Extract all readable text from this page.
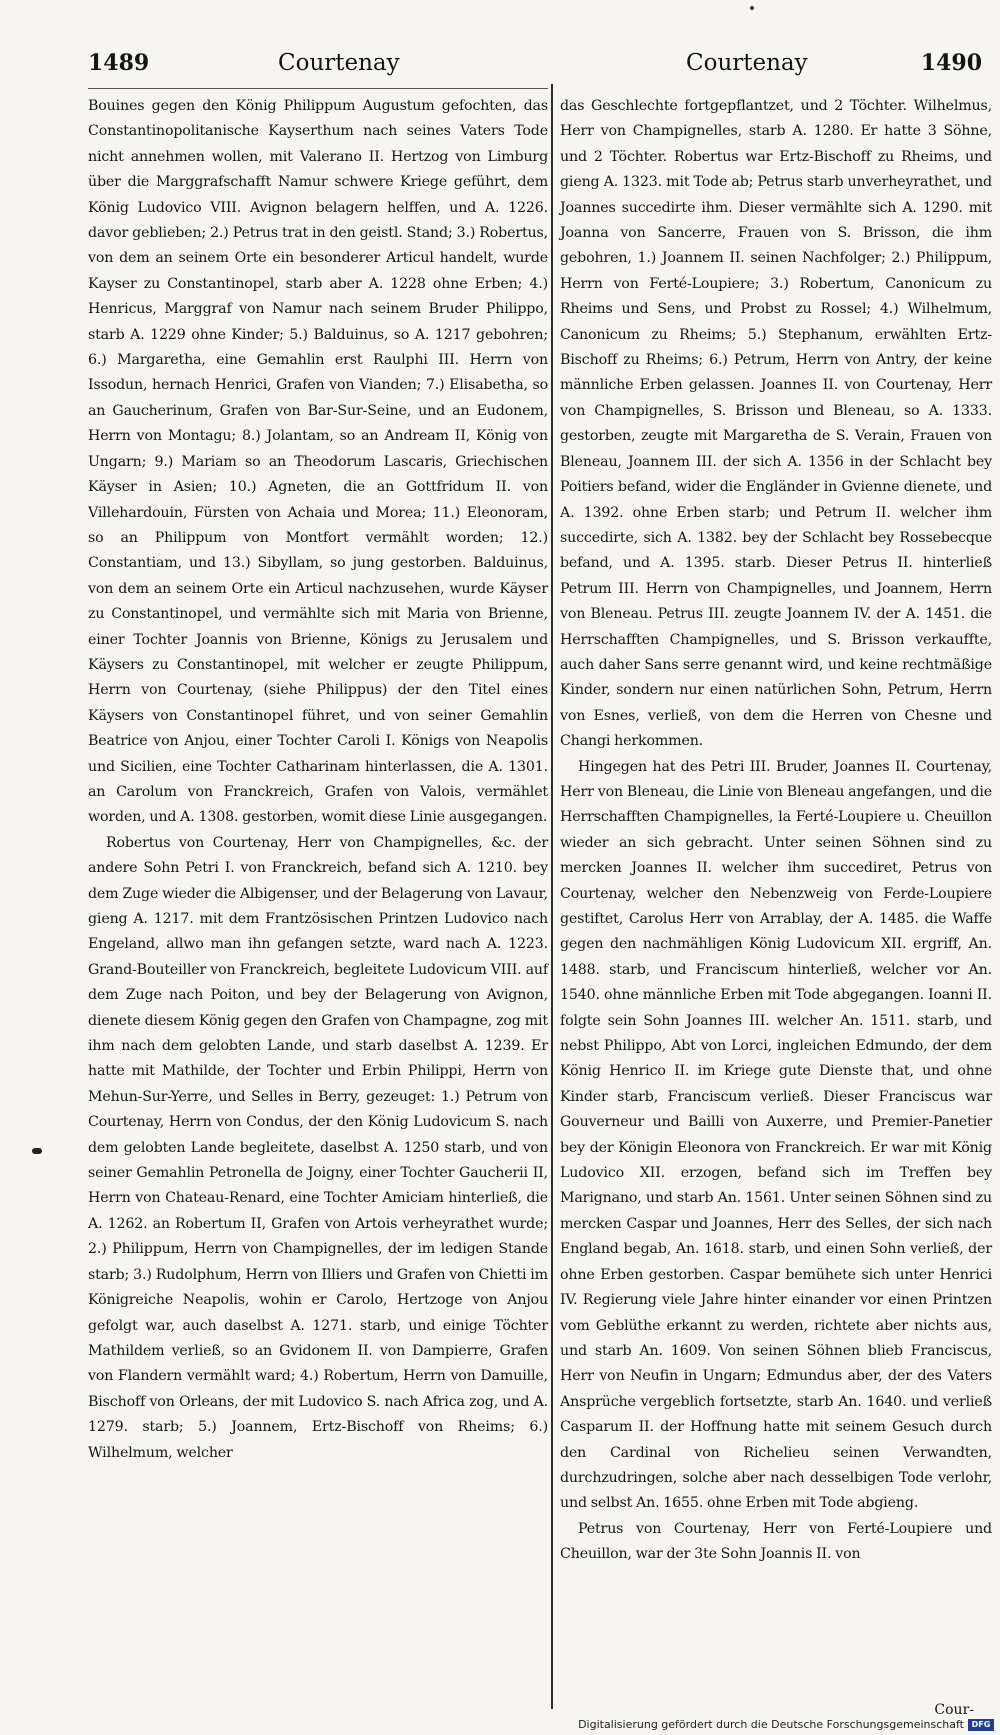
1489	Courtenay	Courtenay	1490

Bouines gegen den König Philippum Augustum gefochten, das Constantinopolitanische Kayserthum nach seines Vaters Tode nicht annehmen wollen, mit Valerano II. Hertzog von Limburg über die Marggrafschafft Namur schwere Kriege geführt, dem König Ludovico VIII. Avignon belagern helffen, und A. 1226. davor geblieben; 2.) Petrus trat in den geistl. Stand; 3.) Robertus, von dem an seinem Orte ein besonderer Articul handelt, wurde Kayser zu Constantinopel, starb aber A. 1228 ohne Erben; 4.) Henricus, Marggraf von Namur nach seinem Bruder Philippo, starb A. 1229 ohne Kinder; 5.) Balduinus, so A. 1217 gebohren; 6.) Margaretha, eine Gemahlin erst Raulphi III. Herrn von Issodun, hernach Henrici, Grafen von Vianden; 7.) Elisabetha, so an Gaucherinum, Grafen von Bar-Sur-Seine, und an Eudonem, Herrn von Montagu; 8.) Jolantam, so an Andream II, König von Ungarn; 9.) Mariam so an Theodorum Lascaris, Griechischen Käyser in Asien; 10.) Agneten, die an Gottfridum II. von Villehardouin, Fürsten von Achaia und Morea; 11.) Eleonoram, so an Philippum von Montfort vermählt worden; 12.) Constantiam, und 13.) Sibyllam, so jung gestorben. Balduinus, von dem an seinem Orte ein Articul nachzusehen, wurde Käyser zu Constantinopel, und vermählte sich mit Maria von Brienne, einer Tochter Joannis von Brienne, Königs zu Jerusalem und Käysers zu Constantinopel, mit welcher er zeugte Philippum, Herrn von Courtenay, (siehe Philippus) der den Titel eines Käysers von Constantinopel führet, und von seiner Gemahlin Beatrice von Anjou, einer Tochter Caroli I. Königs von Neapolis und Sicilien, eine Tochter Catharinam hinterlassen, die A. 1301. an Carolum von Franckreich, Grafen von Valois, vermählet worden, und A. 1308. gestorben, womit diese Linie ausgegangen.

Robertus von Courtenay, Herr von Champignelles, &c. der andere Sohn Petri I. von Franckreich, befand sich A. 1210. bey dem Zuge wieder die Albigenser, und der Belagerung von Lavaur, gieng A. 1217. mit dem Frantzösischen Printzen Ludovico nach Engeland, allwo man ihn gefangen setzte, ward nach A. 1223. Grand-Bouteiller von Franckreich, begleitete Ludovicum VIII. auf dem Zuge nach Poiton, und bey der Belagerung von Avignon, dienete diesem König gegen den Grafen von Champagne, zog mit ihm nach dem gelobten Lande, und starb daselbst A. 1239. Er hatte mit Mathilde, der Tochter und Erbin Philippi, Herrn von Mehun-Sur-Yerre, und Selles in Berry, gezeuget: 1.) Petrum von Courtenay, Herrn von Condus, der den König Ludovicum S. nach dem gelobten Lande begleitete, daselbst A. 1250 starb, und von seiner Gemahlin Petronella de Joigny, einer Tochter Gaucherii II, Herrn von Chateau-Renard, eine Tochter Amiciam hinterließ, die A. 1262. an Robertum II, Grafen von Artois verheyrathet wurde; 2.) Philippum, Herrn von Champignelles, der im ledigen Stande starb; 3.) Rudolphum, Herrn von Illiers und Grafen von Chietti im Königreiche Neapolis, wohin er Carolo, Hertzoge von Anjou gefolgt war, auch daselbst A. 1271. starb, und einige Töchter Mathildem verließ, so an Gvidonem II. von Dampierre, Grafen von Flandern vermählt ward; 4.) Robertum, Herrn von Damuille, Bischoff von Orleans, der mit Ludovico S. nach Africa zog, und A. 1279. starb; 5.) Joannem, Ertz-Bischoff von Rheims; 6.) Wilhelmum, welcher

das Geschlechte fortgepflantzet, und 2 Töchter. Wilhelmus, Herr von Champignelles, starb A. 1280. Er hatte 3 Söhne, und 2 Töchter. Robertus war Ertz-Bischoff zu Rheims, und gieng A. 1323. mit Tode ab; Petrus starb unverheyrathet, und Joannes succedirte ihm. Dieser vermählte sich A. 1290. mit Joanna von Sancerre, Frauen von S. Brisson, die ihm gebohren, 1.) Joannem II. seinen Nachfolger; 2.) Philippum, Herrn von Ferté-Loupiere; 3.) Robertum, Canonicum zu Rheims und Sens, und Probst zu Rossel; 4.) Wilhelmum, Canonicum zu Rheims; 5.) Stephanum, erwählten Ertz-Bischoff zu Rheims; 6.) Petrum, Herrn von Antry, der keine männliche Erben gelassen. Joannes II. von Courtenay, Herr von Champignelles, S. Brisson und Bleneau, so A. 1333. gestorben, zeugte mit Margaretha de S. Verain, Frauen von Bleneau, Joannem III. der sich A. 1356 in der Schlacht bey Poitiers befand, wider die Engländer in Gvienne dienete, und A. 1392. ohne Erben starb; und Petrum II. welcher ihm succedirte, sich A. 1382. bey der Schlacht bey Rossebecque befand, und A. 1395. starb. Dieser Petrus II. hinterließ Petrum III. Herrn von Champignelles, und Joannem, Herrn von Bleneau. Petrus III. zeugte Joannem IV. der A. 1451. die Herrschafften Champignelles, und S. Brisson verkauffte, auch daher Sans serre genannt wird, und keine rechtmäßige Kinder, sondern nur einen natürlichen Sohn, Petrum, Herrn von Esnes, verließ, von dem die Herren von Chesne und Changi herkommen.

Hingegen hat des Petri III. Bruder, Joannes II. Courtenay, Herr von Bleneau, die Linie von Bleneau angefangen, und die Herrschafften Champignelles, la Ferté-Loupiere u. Cheuillon wieder an sich gebracht. Unter seinen Söhnen sind zu mercken Joannes II. welcher ihm succediret, Petrus von Courtenay, welcher den Nebenzweig von Ferde-Loupiere gestiftet, Carolus Herr von Arrablay, der A. 1485. die Waffe gegen den nachmähligen König Ludovicum XII. ergriff, An. 1488. starb, und Franciscum hinterließ, welcher vor An. 1540. ohne männliche Erben mit Tode abgegangen. Ioanni II. folgte sein Sohn Joannes III. welcher An. 1511. starb, und nebst Philippo, Abt von Lorci, ingleichen Edmundo, der dem König Henrico II. im Kriege gute Dienste that, und ohne Kinder starb, Franciscum verließ. Dieser Franciscus war Gouverneur und Bailli von Auxerre, und Premier-Panetier bey der Königin Eleonora von Franckreich. Er war mit König Ludovico XII. erzogen, befand sich im Treffen bey Marignano, und starb An. 1561. Unter seinen Söhnen sind zu mercken Caspar und Joannes, Herr des Selles, der sich nach England begab, An. 1618. starb, und einen Sohn verließ, der ohne Erben gestorben. Caspar bemühete sich unter Henrici IV. Regierung viele Jahre hinter einander vor einen Printzen vom Geblüthe erkannt zu werden, richtete aber nichts aus, und starb An. 1609. Von seinen Söhnen blieb Franciscus, Herr von Neufin in Ungarn; Edmundus aber, der des Vaters Ansprüche vergeblich fortsetzte, starb An. 1640. und verließ Casparum II. der Hoffnung hatte mit seinem Gesuch durch den Cardinal von Richelieu seinen Verwandten, durchzudringen, solche aber nach desselbigen Tode verlohr, und selbst An. 1655. ohne Erben mit Tode abgieng.

Petrus von Courtenay, Herr von Ferté-Loupiere und Cheuillon, war der 3te Sohn Joannis II. von

Cour-
Digitalisierung gefördert durch die Deutsche Forschungsgemeinschaft DFG
